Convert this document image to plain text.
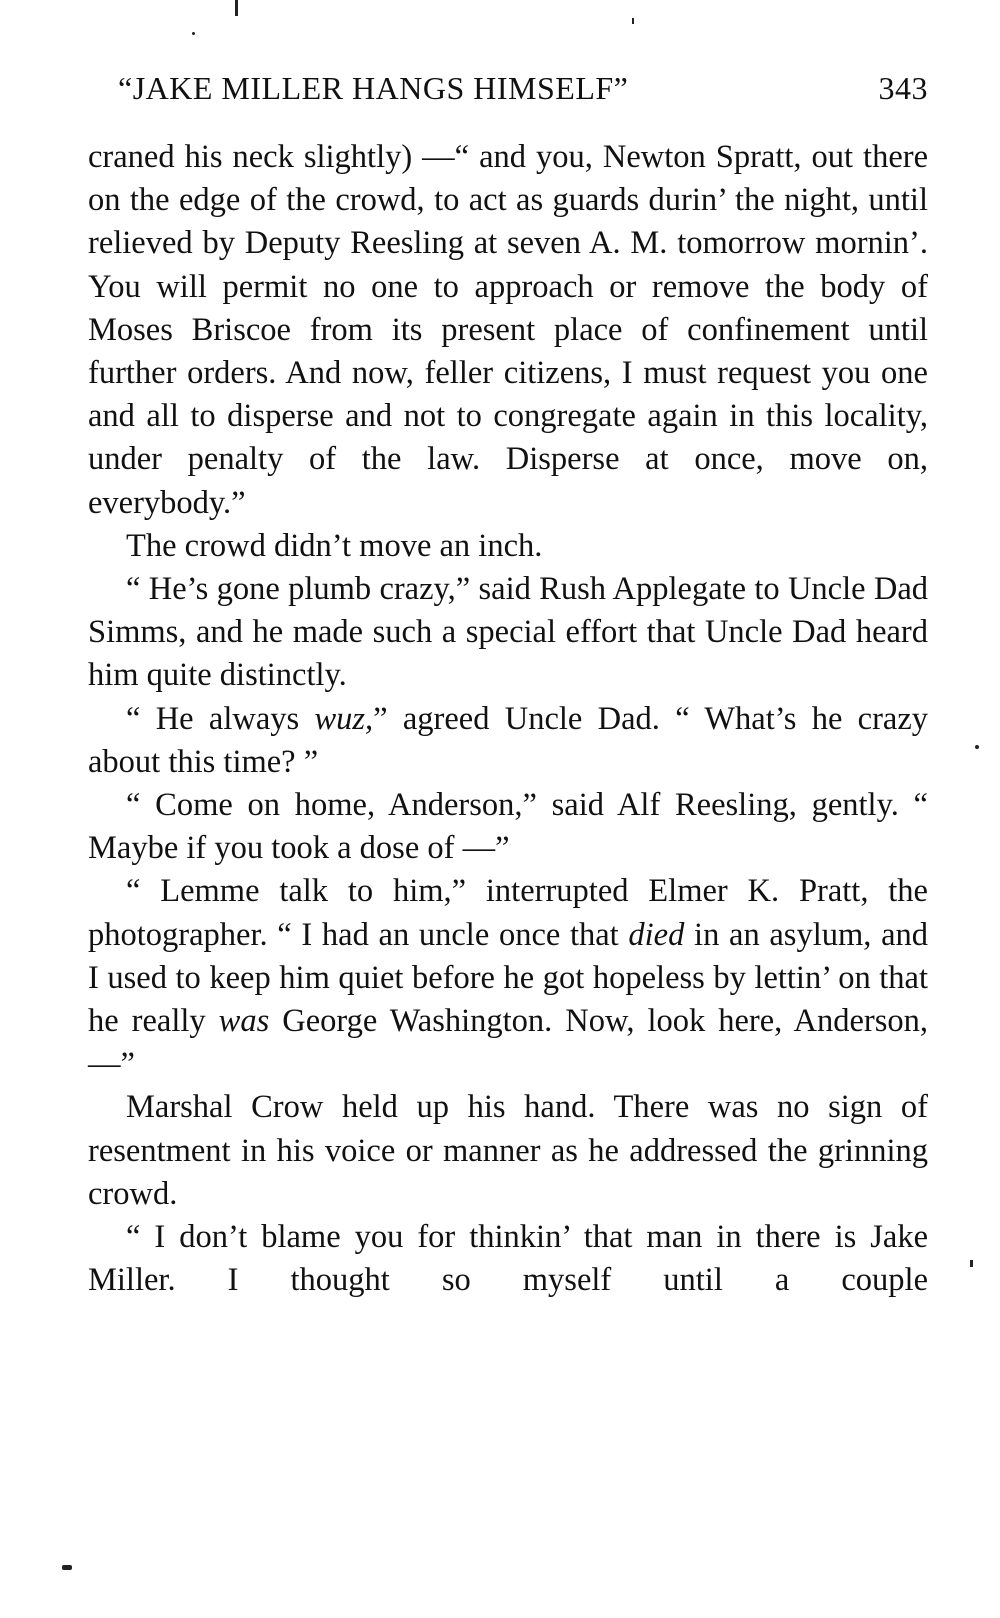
“JAKE MILLER HANGS HIMSELF”	343

craned his neck slightly) —“ and you, Newton Spratt, out there on the edge of the crowd, to act as guards durin’ the night, until relieved by Deputy Reesling at seven A. M. tomorrow mornin’. You will permit no one to approach or remove the body of Moses Briscoe from its present place of confinement until further orders. And now, feller citizens, I must request you one and all to disperse and not to congregate again in this locality, under penalty of the law. Disperse at once, move on, everybody.”

The crowd didn’t move an inch.

“ He’s gone plumb crazy,” said Rush Applegate to Uncle Dad Simms, and he made such a special effort that Uncle Dad heard him quite distinctly.

“ He always wuz,” agreed Uncle Dad. “ What’s he crazy about this time? ”

“ Come on home, Anderson,” said Alf Reesling, gently. “ Maybe if you took a dose of —”

“ Lemme talk to him,” interrupted Elmer K. Pratt, the photographer. “ I had an uncle once that died in an asylum, and I used to keep him quiet before he got hopeless by lettin’ on that he really was George Washington. Now, look here, Anderson,—”

Marshal Crow held up his hand. There was no sign of resentment in his voice or manner as he addressed the grinning crowd.

“ I don’t blame you for thinkin’ that man in there is Jake Miller. I thought so myself until a couple
